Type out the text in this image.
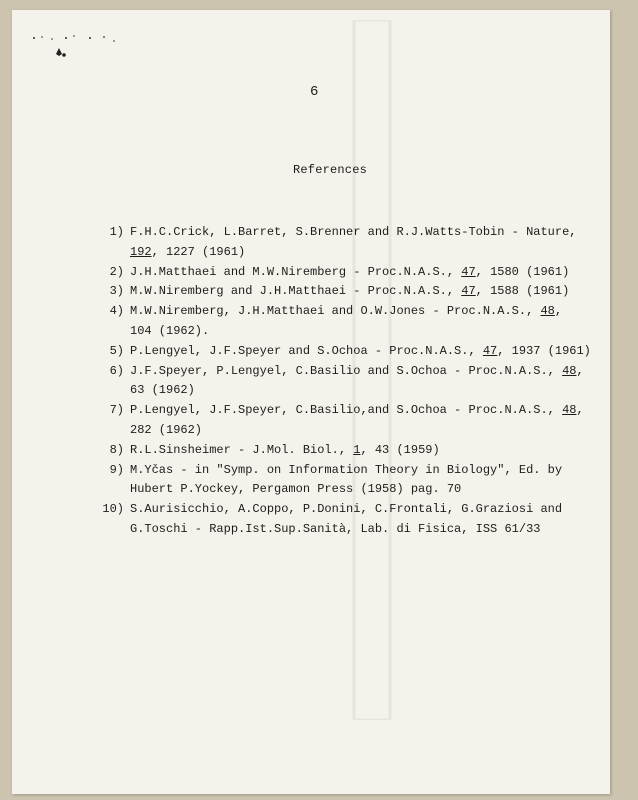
6
References
1) F.H.C.Crick, L.Barret, S.Brenner and R.J.Watts-Tobin - Nature,
192, 1227 (1961)
2) J.H.Matthaei and M.W.Niremberg - Proc.N.A.S., 47, 1580 (1961)
3) M.W.Niremberg and J.H.Matthaei - Proc.N.A.S., 47, 1588 (1961)
4) M.W.Niremberg, J.H.Matthaei and O.W.Jones - Proc.N.A.S., 48,
104 (1962).
5) P.Lengyel, J.F.Speyer and S.Ochoa - Proc.N.A.S., 47, 1937 (1961)
6) J.F.Speyer, P.Lengyel, C.Basilio and S.Ochoa - Proc.N.A.S., 48,
63 (1962)
7) P.Lengyel, J.F.Speyer, C.Basilio,and S.Ochoa - Proc.N.A.S., 48,
282 (1962)
8) R.L.Sinsheimer - J.Mol. Biol., 1, 43 (1959)
9) M.Yčas - in "Symp. on Information Theory in Biology", Ed. by
Hubert P.Yockey, Pergamon Press (1958) pag. 70
10) S.Aurisicchio, A.Coppo, P.Donini, C.Frontali, G.Graziosi and
G.Toschi - Rapp.Ist.Sup.Sanità, Lab. di Fisica, ISS 61/33
